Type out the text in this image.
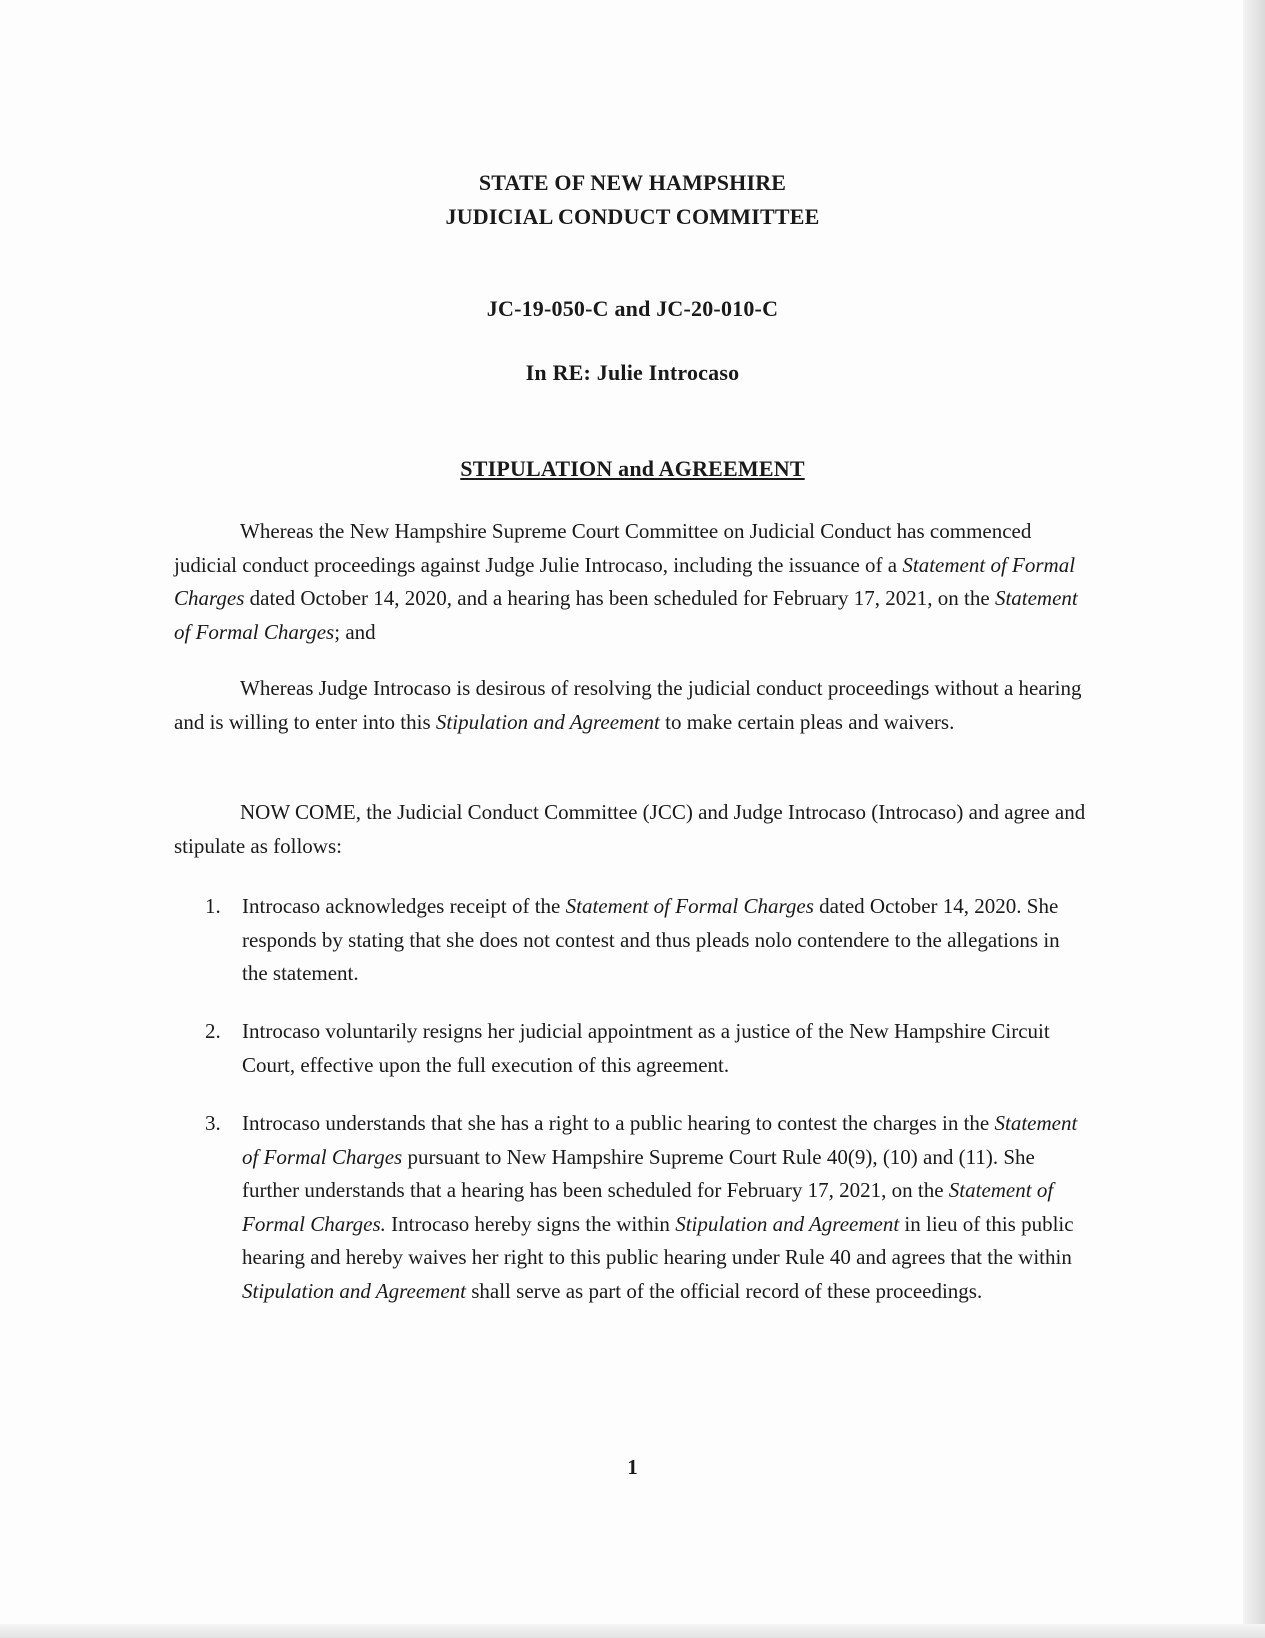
STATE OF NEW HAMPSHIRE
JUDICIAL CONDUCT COMMITTEE
JC-19-050-C and JC-20-010-C
In RE: Julie Introcaso
STIPULATION and AGREEMENT
Whereas the New Hampshire Supreme Court Committee on Judicial Conduct has commenced judicial conduct proceedings against Judge Julie Introcaso, including the issuance of a Statement of Formal Charges dated October 14, 2020, and a hearing has been scheduled for February 17, 2021, on the Statement of Formal Charges; and
Whereas Judge Introcaso is desirous of resolving the judicial conduct proceedings without a hearing and is willing to enter into this Stipulation and Agreement to make certain pleas and waivers.
NOW COME, the Judicial Conduct Committee (JCC) and Judge Introcaso (Introcaso) and agree and stipulate as follows:
1. Introcaso acknowledges receipt of the Statement of Formal Charges dated October 14, 2020. She responds by stating that she does not contest and thus pleads nolo contendere to the allegations in the statement.
2. Introcaso voluntarily resigns her judicial appointment as a justice of the New Hampshire Circuit Court, effective upon the full execution of this agreement.
3. Introcaso understands that she has a right to a public hearing to contest the charges in the Statement of Formal Charges pursuant to New Hampshire Supreme Court Rule 40(9), (10) and (11). She further understands that a hearing has been scheduled for February 17, 2021, on the Statement of Formal Charges. Introcaso hereby signs the within Stipulation and Agreement in lieu of this public hearing and hereby waives her right to this public hearing under Rule 40 and agrees that the within Stipulation and Agreement shall serve as part of the official record of these proceedings.
1
